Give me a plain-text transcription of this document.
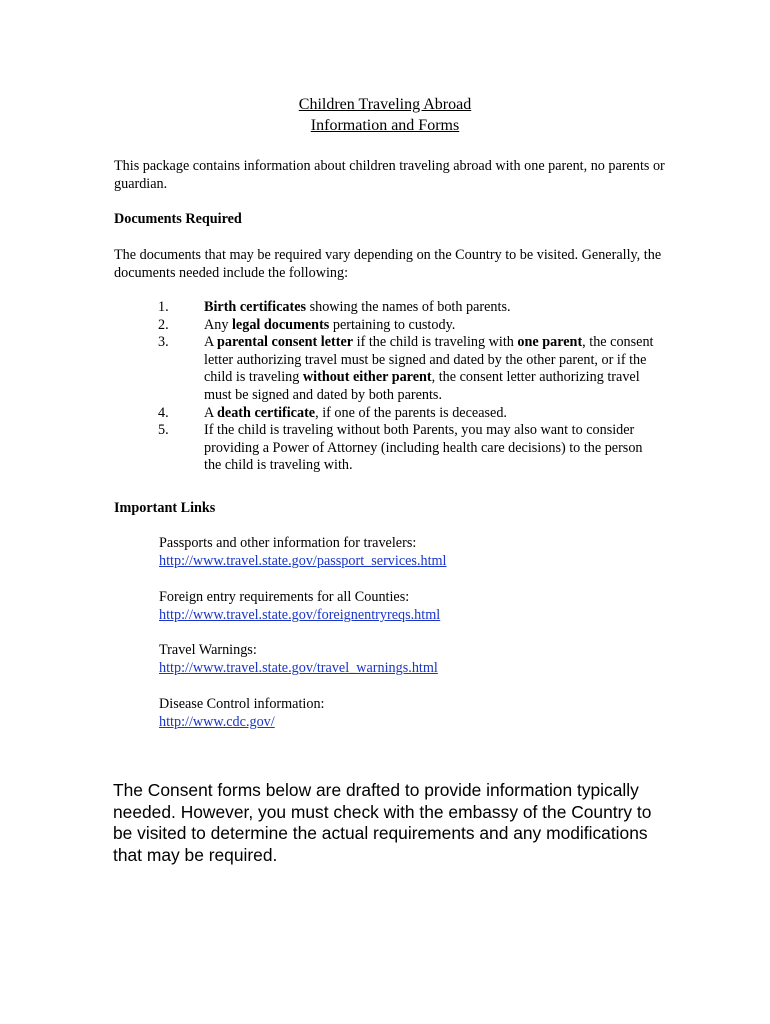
Children Traveling Abroad
Information and Forms

This package contains information about children traveling abroad with one parent, no parents or guardian.

Documents Required

The documents that may be required vary depending on the Country to be visited. Generally, the documents needed include the following:

1.	Birth certificates showing the names of both parents.
2.	Any legal documents pertaining to custody.
3.	A parental consent letter if the child is traveling with one parent, the consent letter authorizing travel must be signed and dated by the other parent, or if the child is traveling without either parent, the consent letter authorizing travel must be signed and dated by both parents.
4.	A death certificate, if one of the parents is deceased.
5.	If the child is traveling without both Parents, you may also want to consider providing a Power of Attorney (including health care decisions) to the person the child is traveling with.

Important Links

Passports and other information for travelers:
http://www.travel.state.gov/passport_services.html
Foreign entry requirements for all Counties:
http://www.travel.state.gov/foreignentryreqs.html
Travel Warnings:
http://www.travel.state.gov/travel_warnings.html
Disease Control information:
http://www.cdc.gov/

The Consent forms below are drafted to provide information typically needed. However, you must check with the embassy of the Country to be visited to determine the actual requirements and any modifications that may be required.
